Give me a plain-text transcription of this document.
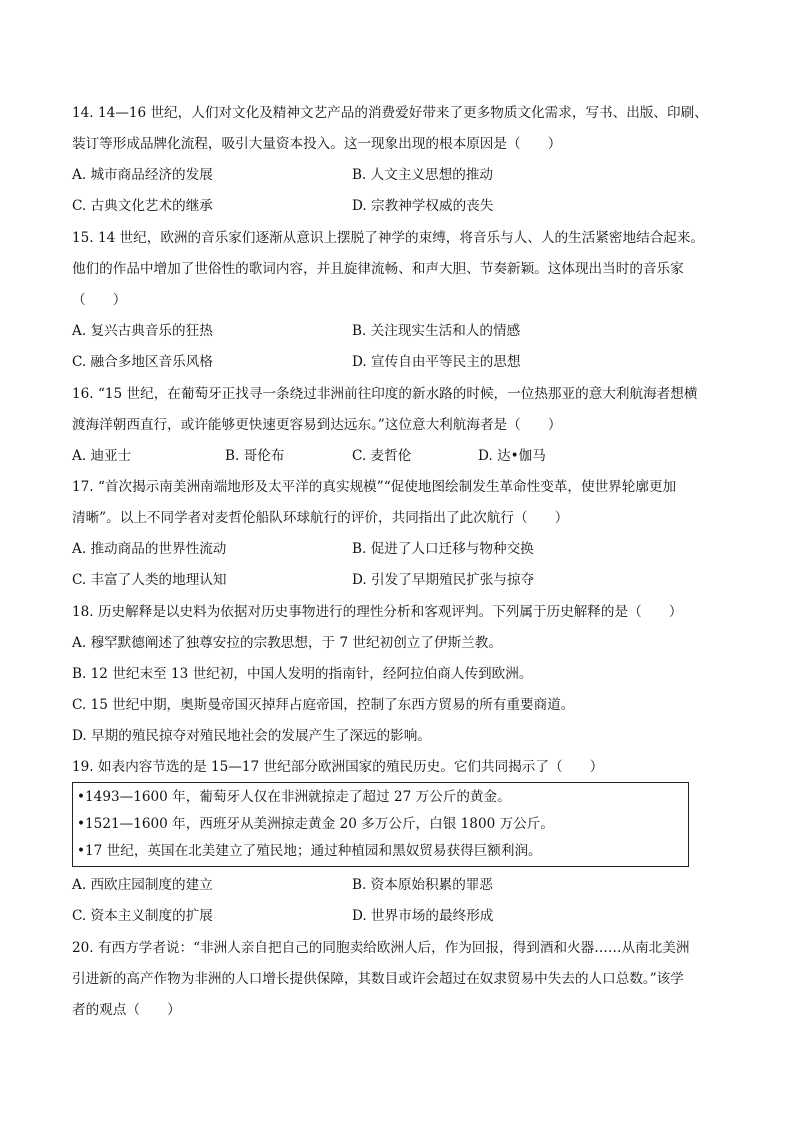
14. 14—16 世纪，人们对文化及精神文艺产品的消费爱好带来了更多物质文化需求，写书、出版、印刷、
装订等形成品牌化流程，吸引大量资本投入。这一现象出现的根本原因是（　　）
A. 城市商品经济的发展	B. 人文主义思想的推动
C. 古典文化艺术的继承	D. 宗教神学权威的丧失
15. 14 世纪，欧洲的音乐家们逐渐从意识上摆脱了神学的束缚，将音乐与人、人的生活紧密地结合起来。
他们的作品中增加了世俗性的歌词内容，并且旋律流畅、和声大胆、节奏新颖。这体现出当时的音乐家
（　　）
A. 复兴古典音乐的狂热	B. 关注现实生活和人的情感
C. 融合多地区音乐风格	D. 宣传自由平等民主的思想
16. “15 世纪，在葡萄牙正找寻一条绕过非洲前往印度的新水路的时候，一位热那亚的意大利航海者想横
渡海洋朝西直行，或许能够更快速更容易到达远东。”这位意大利航海者是（　　）
A. 迪亚士	B. 哥伦布	C. 麦哲伦	D. 达•伽马
17. “首次揭示南美洲南端地形及太平洋的真实规模”“促使地图绘制发生革命性变革，使世界轮廓更加
清晰”。以上不同学者对麦哲伦船队环球航行的评价，共同指出了此次航行（　　）
A. 推动商品的世界性流动	B. 促进了人口迁移与物种交换
C. 丰富了人类的地理认知	D. 引发了早期殖民扩张与掠夺
18. 历史解释是以史料为依据对历史事物进行的理性分析和客观评判。下列属于历史解释的是（　　）
A. 穆罕默德阐述了独尊安拉的宗教思想，于 7 世纪初创立了伊斯兰教。
B. 12 世纪末至 13 世纪初，中国人发明的指南针，经阿拉伯商人传到欧洲。
C. 15 世纪中期，奥斯曼帝国灭掉拜占庭帝国，控制了东西方贸易的所有重要商道。
D. 早期的殖民掠夺对殖民地社会的发展产生了深远的影响。
19. 如表内容节选的是 15—17 世纪部分欧洲国家的殖民历史。它们共同揭示了（　　）
•1493—1600 年，葡萄牙人仅在非洲就掠走了超过 27 万公斤的黄金。
•1521—1600 年，西班牙从美洲掠走黄金 20 多万公斤，白银 1800 万公斤。
•17 世纪，英国在北美建立了殖民地；通过种植园和黑奴贸易获得巨额利润。
A. 西欧庄园制度的建立	B. 资本原始积累的罪恶
C. 资本主义制度的扩展	D. 世界市场的最终形成
20. 有西方学者说：“非洲人亲自把自己的同胞卖给欧洲人后，作为回报，得到酒和火器……从南北美洲
引进新的高产作物为非洲的人口增长提供保障，其数目或许会超过在奴隶贸易中失去的人口总数。”该学
者的观点（　　）
